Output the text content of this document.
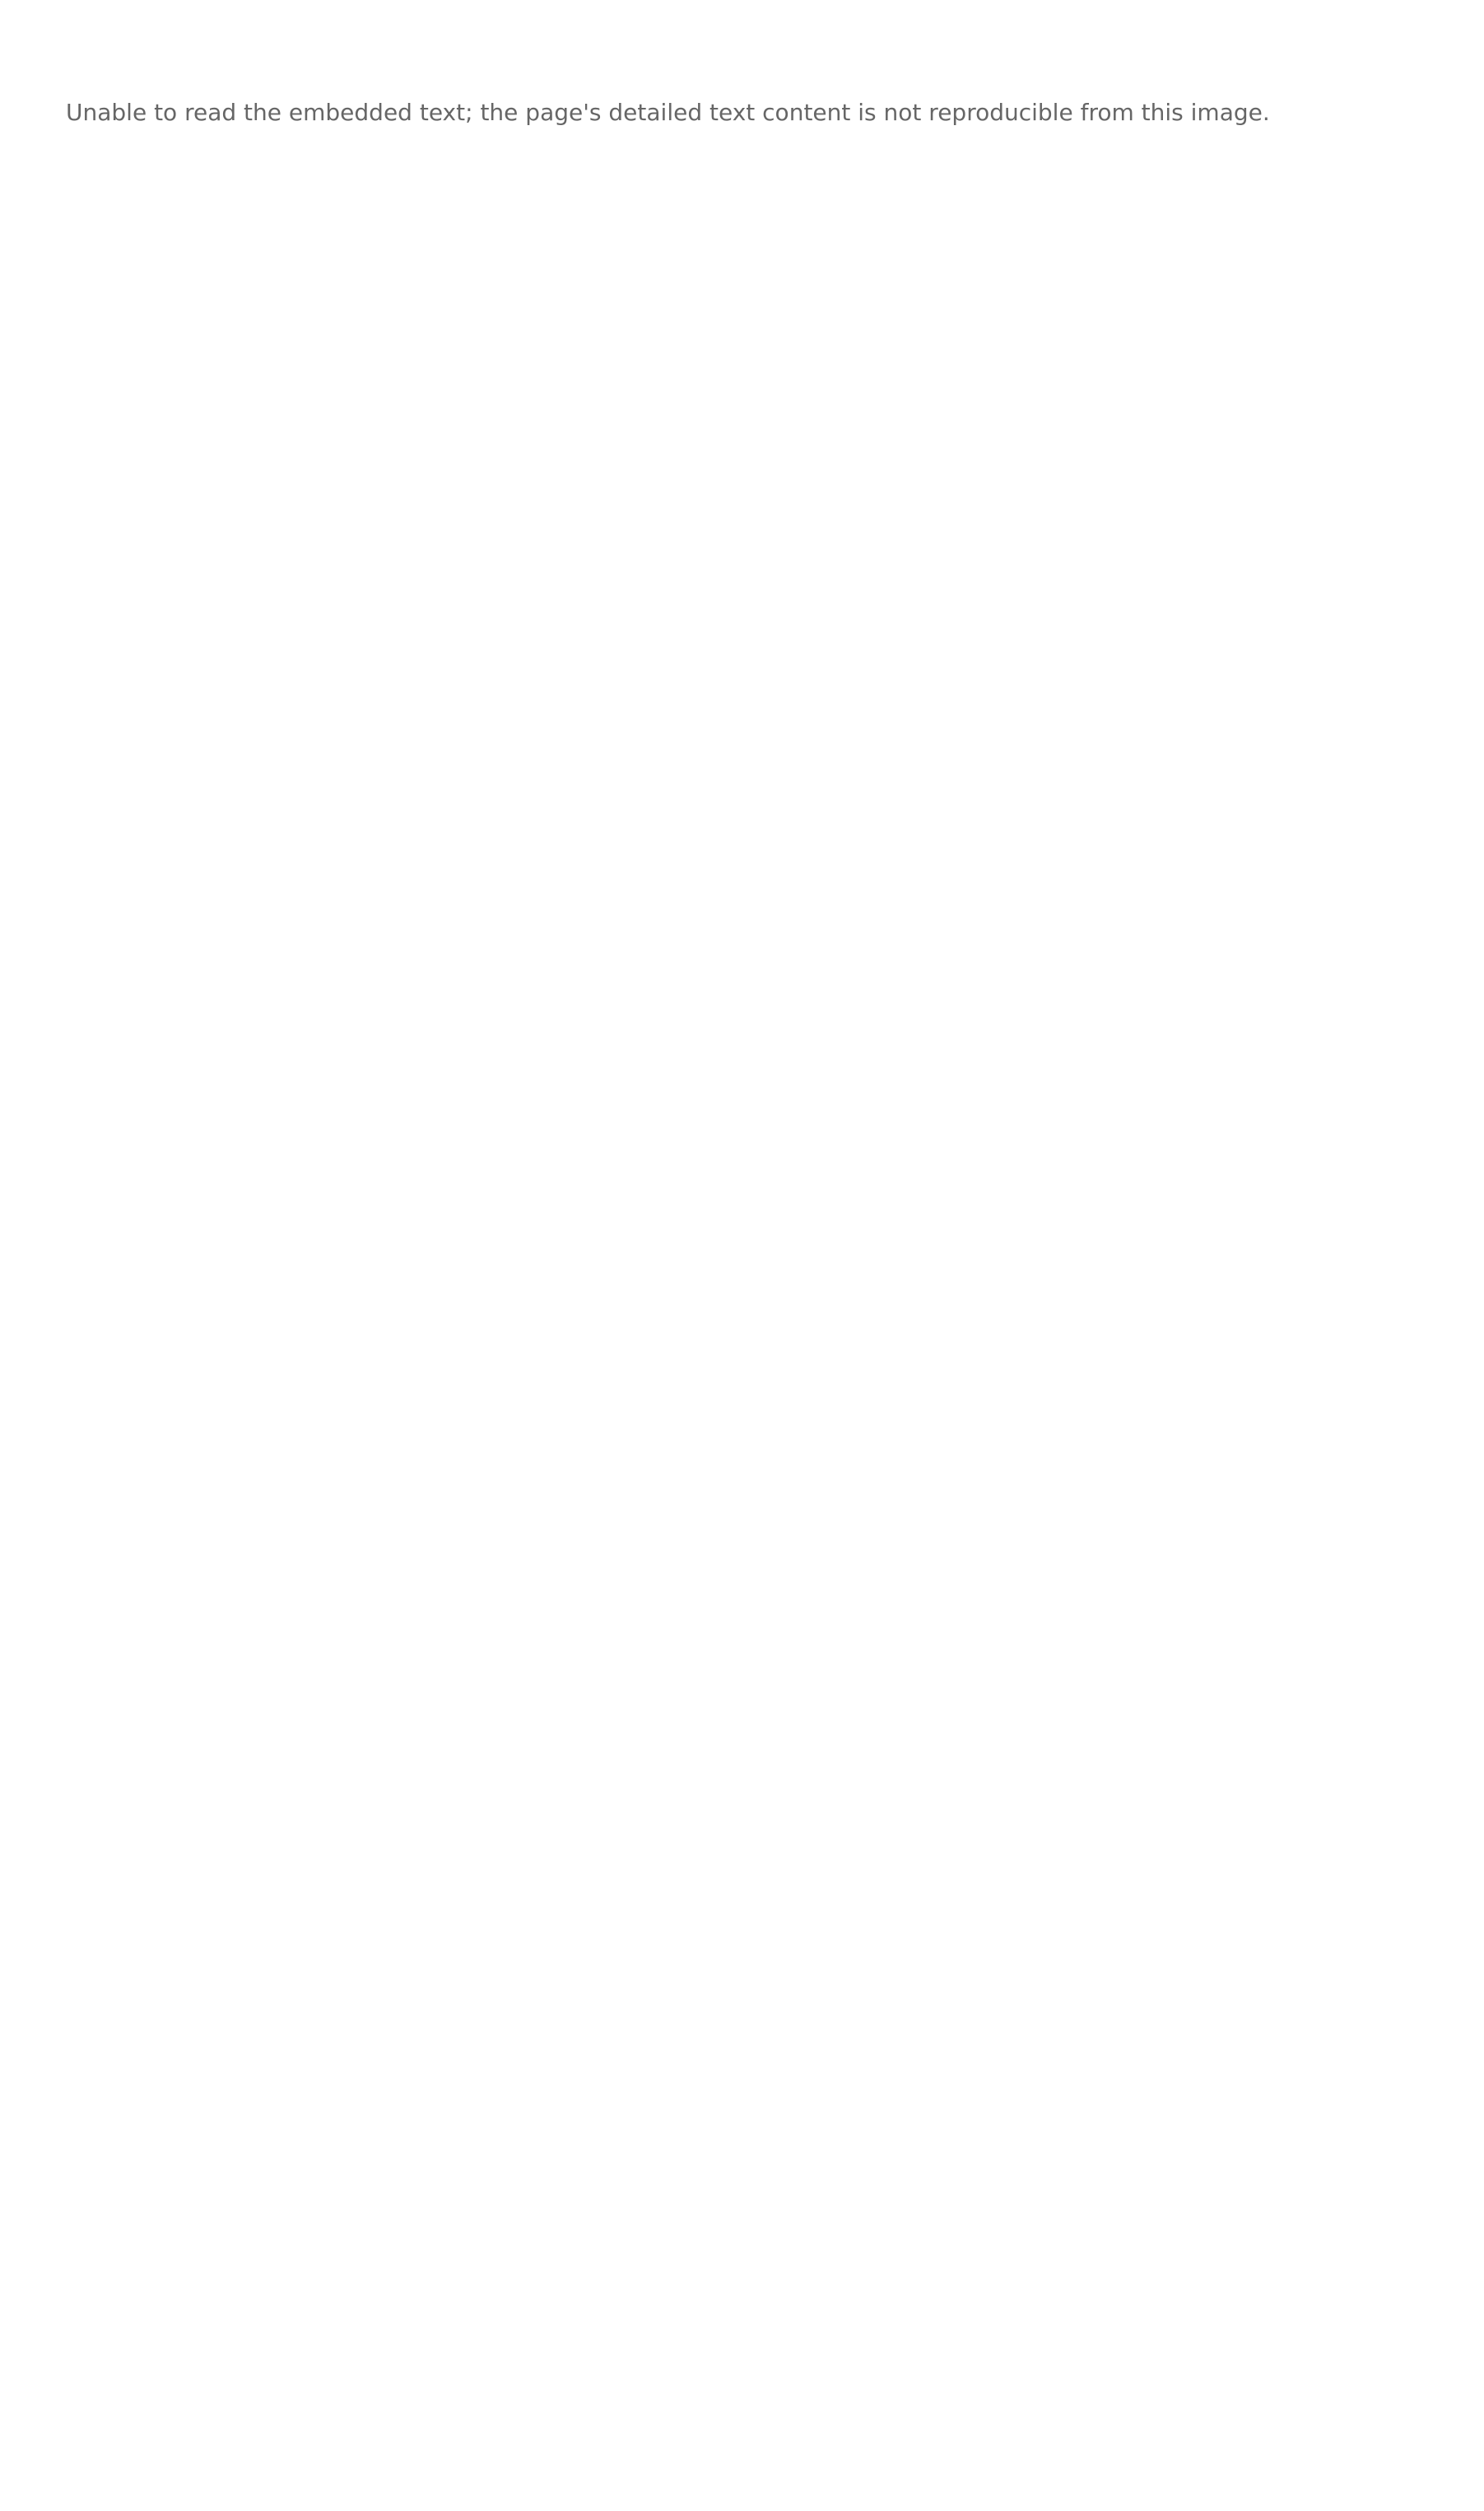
Unable to read the embedded text; the page's detailed text content is not reproducible from this image.
